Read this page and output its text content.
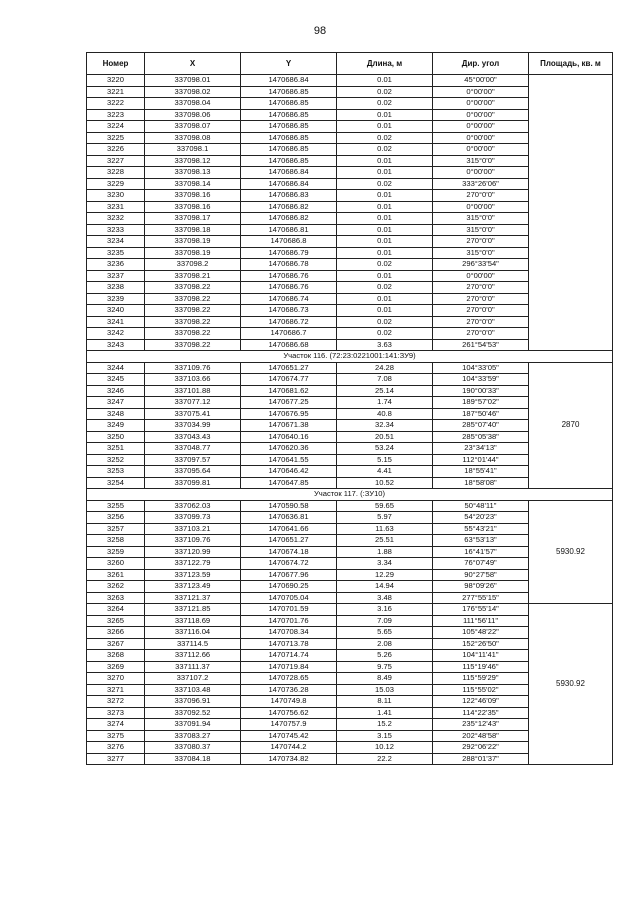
98
Номер	X	Y	Длина, м	Дир. угол	Площадь, кв. м
3220	337098.01	1470686.84	0.01	45°00'00"	
3221	337098.02	1470686.85	0.02	0°00'00"	
3222	337098.04	1470686.85	0.02	0°00'00"	
3223	337098.06	1470686.85	0.01	0°00'00"	
3224	337098.07	1470686.85	0.01	0°00'00"	
3225	337098.08	1470686.85	0.02	0°00'00"	
3226	337098.1	1470686.85	0.02	0°00'00"	
3227	337098.12	1470686.85	0.01	315°0'0"	
3228	337098.13	1470686.84	0.01	0°00'00"	
3229	337098.14	1470686.84	0.02	333°26'06"	
3230	337098.16	1470686.83	0.01	270°0'0"	
3231	337098.16	1470686.82	0.01	0°00'00"	
3232	337098.17	1470686.82	0.01	315°0'0"	
3233	337098.18	1470686.81	0.01	315°0'0"	
3234	337098.19	1470686.8	0.01	270°0'0"	
3235	337098.19	1470686.79	0.01	315°0'0"	
3236	337098.2	1470686.78	0.02	296°33'54"	
3237	337098.21	1470686.76	0.01	0°00'00"	
3238	337098.22	1470686.76	0.02	270°0'0"	
3239	337098.22	1470686.74	0.01	270°0'0"	
3240	337098.22	1470686.73	0.01	270°0'0"	
3241	337098.22	1470686.72	0.02	270°0'0"	
3242	337098.22	1470686.7	0.02	270°0'0"	
3243	337098.22	1470686.68	3.63	261°54'53"	
Участок 116. (72:23:0221001:141:ЗУ9)					
3244	337109.76	1470651.27	24.28	104°33'05"	2870
3245	337103.66	1470674.77	7.08	104°33'59"	
3246	337101.88	1470681.62	25.14	190°00'33"	
3247	337077.12	1470677.25	1.74	189°57'02"	
3248	337075.41	1470676.95	40.8	187°50'46"	
3249	337034.99	1470671.38	32.34	285°07'40"	
3250	337043.43	1470640.16	20.51	285°05'38"	
3251	337048.77	1470620.36	53.24	23°34'13"	
3252	337097.57	1470641.55	5.15	112°01'44"	
3253	337095.64	1470646.42	4.41	18°55'41"	
3254	337099.81	1470647.85	10.52	18°58'08"	
Участок 117. (:ЗУ10)					
3255	337062.03	1470590.58	59.65	50°48'11"	5930.92
3256	337099.73	1470636.81	5.97	54°20'23"	
3257	337103.21	1470641.66	11.63	55°43'21"	
3258	337109.76	1470651.27	25.51	63°53'13"	
3259	337120.99	1470674.18	1.88	16°41'57"	
3260	337122.79	1470674.72	3.34	76°07'49"	
3261	337123.59	1470677.96	12.29	90°27'58"	
3262	337123.49	1470690.25	14.94	98°09'26"	
3263	337121.37	1470705.04	3.48	277°55'15"	
3264	337121.85	1470701.59	3.16	176°55'14"	5930.92
3265	337118.69	1470701.76	7.09	111°56'11"	
3266	337116.04	1470708.34	5.65	105°48'22"	
3267	337114.5	1470713.78	2.08	152°26'50"	
3268	337112.66	1470714.74	5.26	104°11'41"	
3269	337111.37	1470719.84	9.75	115°19'46"	
3270	337107.2	1470728.65	8.49	115°59'29"	
3271	337103.48	1470736.28	15.03	115°55'02"	
3272	337096.91	1470749.8	8.11	122°46'09"	
3273	337092.52	1470756.62	1.41	114°22'35"	
3274	337091.94	1470757.9	15.2	235°12'43"	
3275	337083.27	1470745.42	3.15	202°48'58"	
3276	337080.37	1470744.2	10.12	292°06'22"	
3277	337084.18	1470734.82	22.2	288°01'37"	
